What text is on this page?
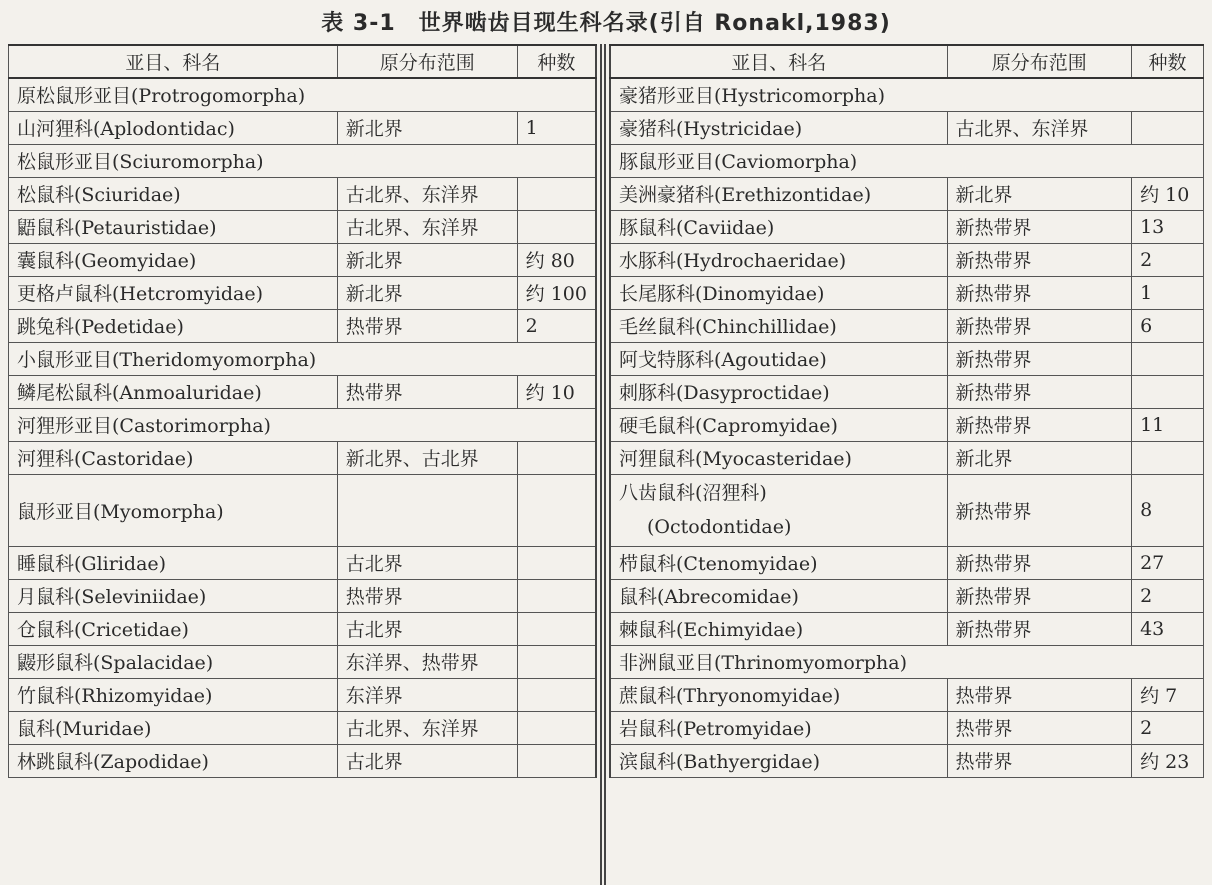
表 3-1　世界啮齿目现生科名录(引自 Ronakl,1983)
亚目、科名	原分布范围	种数
原松鼠形亚目(Protrogomorpha)		
山河狸科(Aplodontidac)	新北界	1
松鼠形亚目(Sciuromorpha)		
松鼠科(Sciuridae)	古北界、东洋界	
鼯鼠科(Petauristidae)	古北界、东洋界	
囊鼠科(Geomyidae)	新北界	约 80
更格卢鼠科(Hetcromyidae)	新北界	约 100
跳兔科(Pedetidae)	热带界	2
小鼠形亚目(Theridomyomorpha)		
鳞尾松鼠科(Anmoaluridae)	热带界	约 10
河狸形亚目(Castorimorpha)		
河狸科(Castoridae)	新北界、古北界	
鼠形亚目(Myomorpha)		
睡鼠科(Gliridae)	古北界	
月鼠科(Seleviniidae)	热带界	
仓鼠科(Cricetidae)	古北界	
鼹形鼠科(Spalacidae)	东洋界、热带界	
竹鼠科(Rhizomyidae)	东洋界	
鼠科(Muridae)	古北界、东洋界	
林跳鼠科(Zapodidae)	古北界	
亚目、科名	原分布范围	种数
豪猪形亚目(Hystricomorpha)		
豪猪科(Hystricidae)	古北界、东洋界	
豚鼠形亚目(Caviomorpha)		
美洲豪猪科(Erethizontidae)	新北界	约 10
豚鼠科(Caviidae)	新热带界	13
水豚科(Hydrochaeridae)	新热带界	2
长尾豚科(Dinomyidae)	新热带界	1
毛丝鼠科(Chinchillidae)	新热带界	6
阿戈特豚科(Agoutidae)	新热带界	
刺豚科(Dasyproctidae)	新热带界	
硬毛鼠科(Capromyidae)	新热带界	11
河狸鼠科(Myocasteridae)	新北界	

八齿鼠科(沼狸科)
(Octodontidae)	新热带界	8
栉鼠科(Ctenomyidae)	新热带界	27
鼠科(Abrecomidae)	新热带界	2
棘鼠科(Echimyidae)	新热带界	43
非洲鼠亚目(Thrinomyomorpha)		
蔗鼠科(Thryonomyidae)	热带界	约 7
岩鼠科(Petromyidae)	热带界	2
滨鼠科(Bathyergidae)	热带界	约 23
